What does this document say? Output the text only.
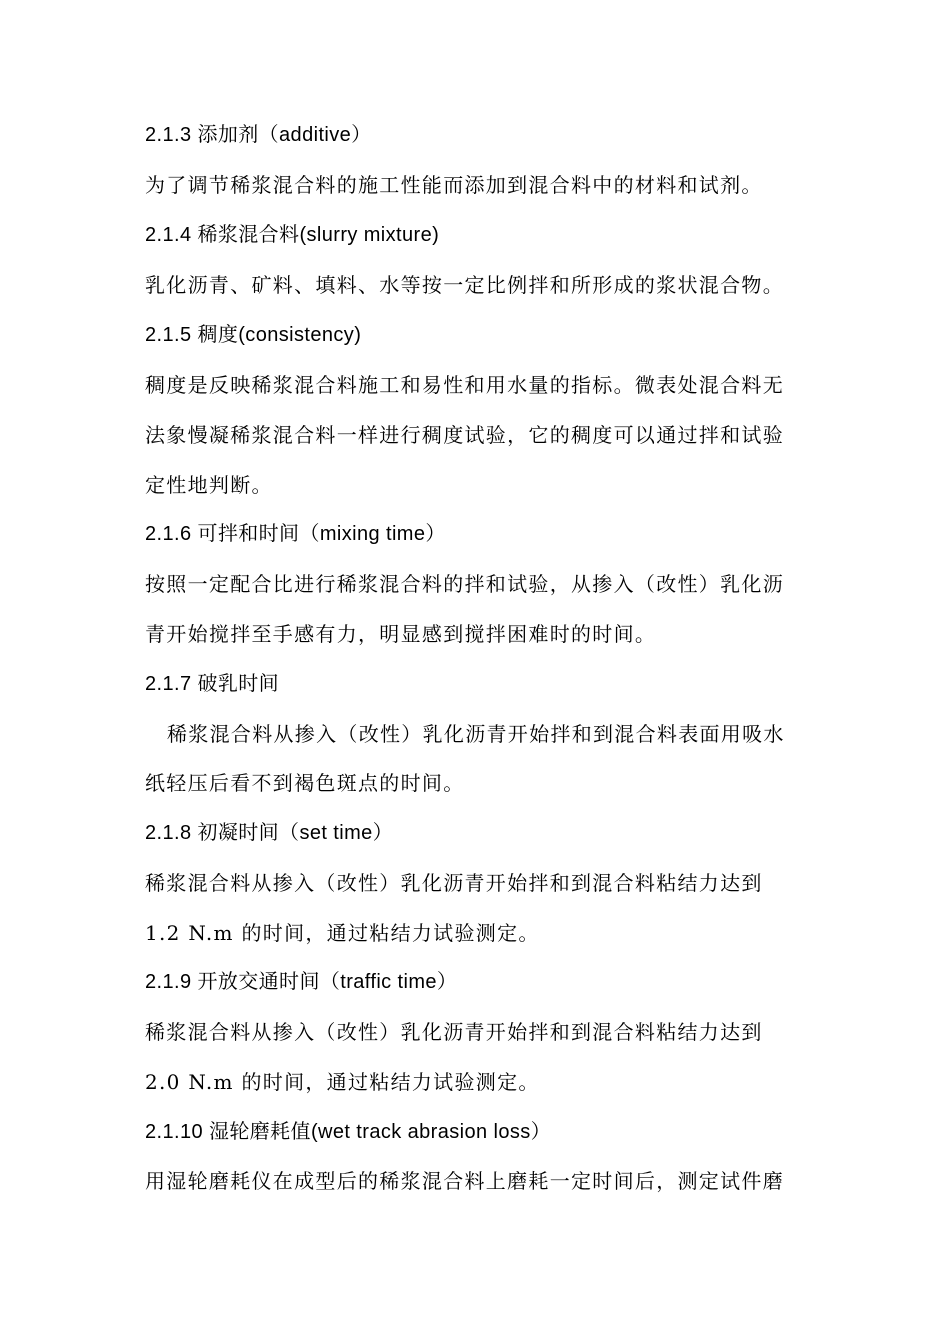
2.1.3 添加剂（additive）
为了调节稀浆混合料的施工性能而添加到混合料中的材料和试剂。
2.1.4 稀浆混合料(slurry mixture)
乳化沥青、矿料、填料、水等按一定比例拌和所形成的浆状混合物。
2.1.5 稠度(consistency)
稠度是反映稀浆混合料施工和易性和用水量的指标。微表处混合料无
法象慢凝稀浆混合料一样进行稠度试验，它的稠度可以通过拌和试验
定性地判断。
2.1.6 可拌和时间（mixing time）
按照一定配合比进行稀浆混合料的拌和试验，从掺入（改性）乳化沥
青开始搅拌至手感有力，明显感到搅拌困难时的时间。
2.1.7 破乳时间
稀浆混合料从掺入（改性）乳化沥青开始拌和到混合料表面用吸水
纸轻压后看不到褐色斑点的时间。
2.1.8 初凝时间（set time）
稀浆混合料从掺入（改性）乳化沥青开始拌和到混合料粘结力达到
1.2 N.m 的时间，通过粘结力试验测定。
2.1.9 开放交通时间（traffic time）
稀浆混合料从掺入（改性）乳化沥青开始拌和到混合料粘结力达到
2.0 N.m 的时间，通过粘结力试验测定。
2.1.10 湿轮磨耗值(wet track abrasion loss）
用湿轮磨耗仪在成型后的稀浆混合料上磨耗一定时间后，测定试件磨
